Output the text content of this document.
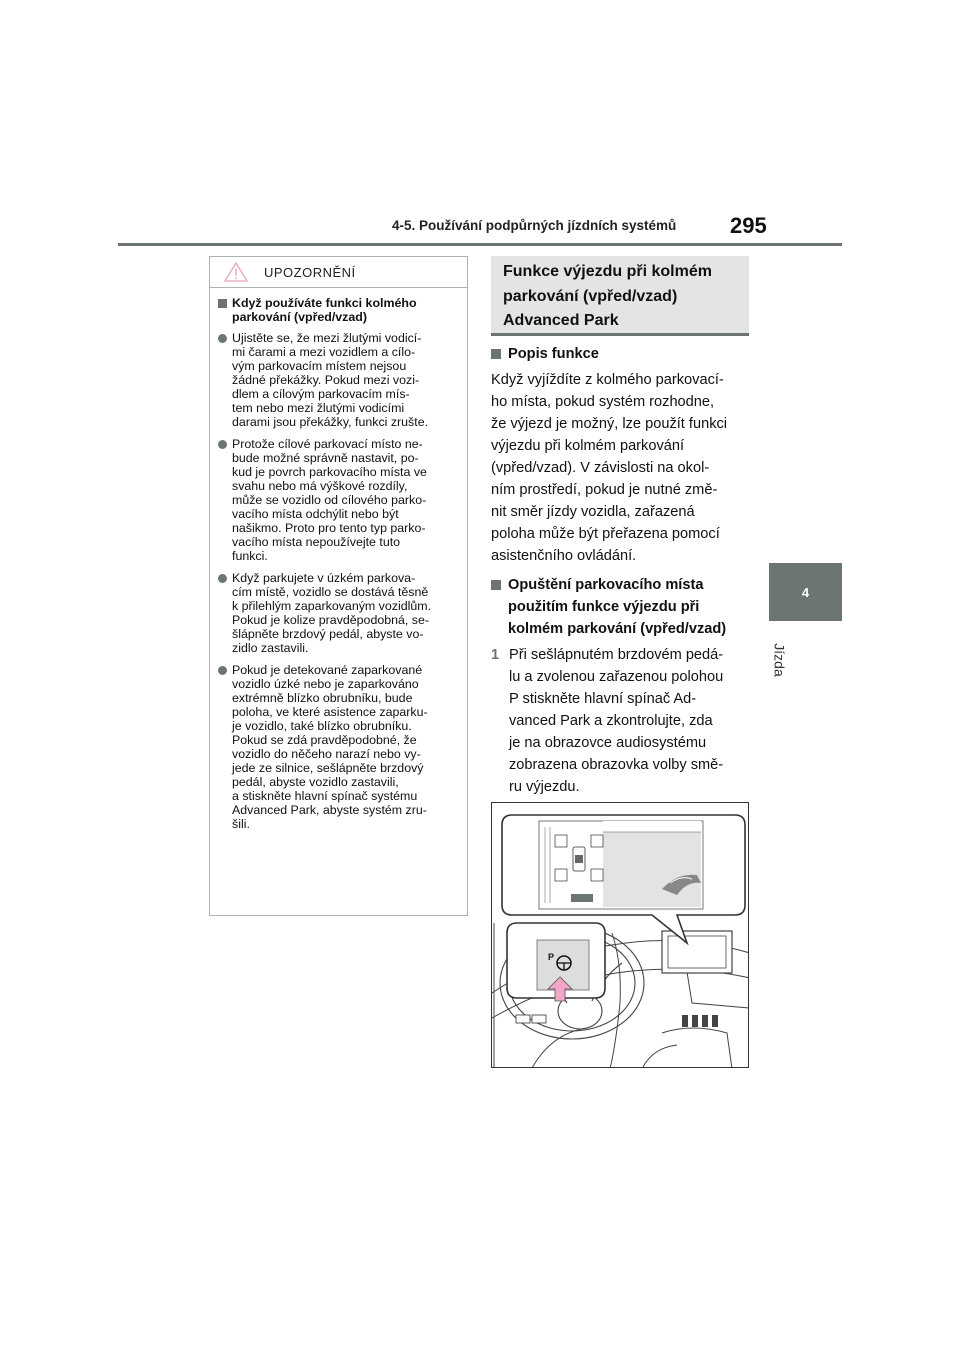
4-5. Používání podpůrných jízdních systémů	295
4
Jízda
UPOZORNĚNÍ
Když používáte funkci kolmého parkování (vpřed/vzad)
Ujistěte se, že mezi žlutými vodicí-
mi čarami a mezi vozidlem a cílo-
vým parkovacím místem nejsou
žádné překážky. Pokud mezi vozi-
dlem a cílovým parkovacím mís-
tem nebo mezi žlutými vodicími
darami jsou překážky, funkci zrušte.
Protože cílové parkovací místo ne-
bude možné správně nastavit, po-
kud je povrch parkovacího místa ve
svahu nebo má výškové rozdíly,
může se vozidlo od cílového parko-
vacího místa odchýlit nebo být
našikmo. Proto pro tento typ parko-
vacího místa nepoužívejte tuto
funkci.
Když parkujete v úzkém parkova-
cím místě, vozidlo se dostává těsně
k přilehlým zaparkovaným vozidlům.
Pokud je kolize pravděpodobná, se-
šlápněte brzdový pedál, abyste vo-
zidlo zastavili.
Pokud je detekované zaparkované
vozidlo úzké nebo je zaparkováno
extrémně blízko obrubníku, bude
poloha, ve které asistence zaparku-
je vozidlo, také blízko obrubníku.
Pokud se zdá pravděpodobné, že
vozidlo do něčeho narazí nebo vy-
jede ze silnice, sešlápněte brzdový
pedál, abyste vozidlo zastavili,
a stiskněte hlavní spínač systému
Advanced Park, abyste systém zru-
šili.
Funkce výjezdu při kolmém
parkování (vpřed/vzad)
Advanced Park
Popis funkce
Když vyjíždíte z kolmého parkovací-
ho místa, pokud systém rozhodne,
že výjezd je možný, lze použít funkci
výjezdu při kolmém parkování
(vpřed/vzad). V závislosti na okol-
ním prostředí, pokud je nutné změ-
nit směr jízdy vozidla, zařazená
poloha může být přeřazena pomocí
asistenčního ovládání.
Opuštění parkovacího místa použitím funkce výjezdu při kolmém parkování (vpřed/vzad)
1 Při sešlápnutém brzdovém pedá-
lu a zvolenou zařazenou polohou
P stiskněte hlavní spínač Ad-
vanced Park a zkontrolujte, zda
je na obrazovce audiosystému
zobrazena obrazovka volby smě-
ru výjezdu.
P
